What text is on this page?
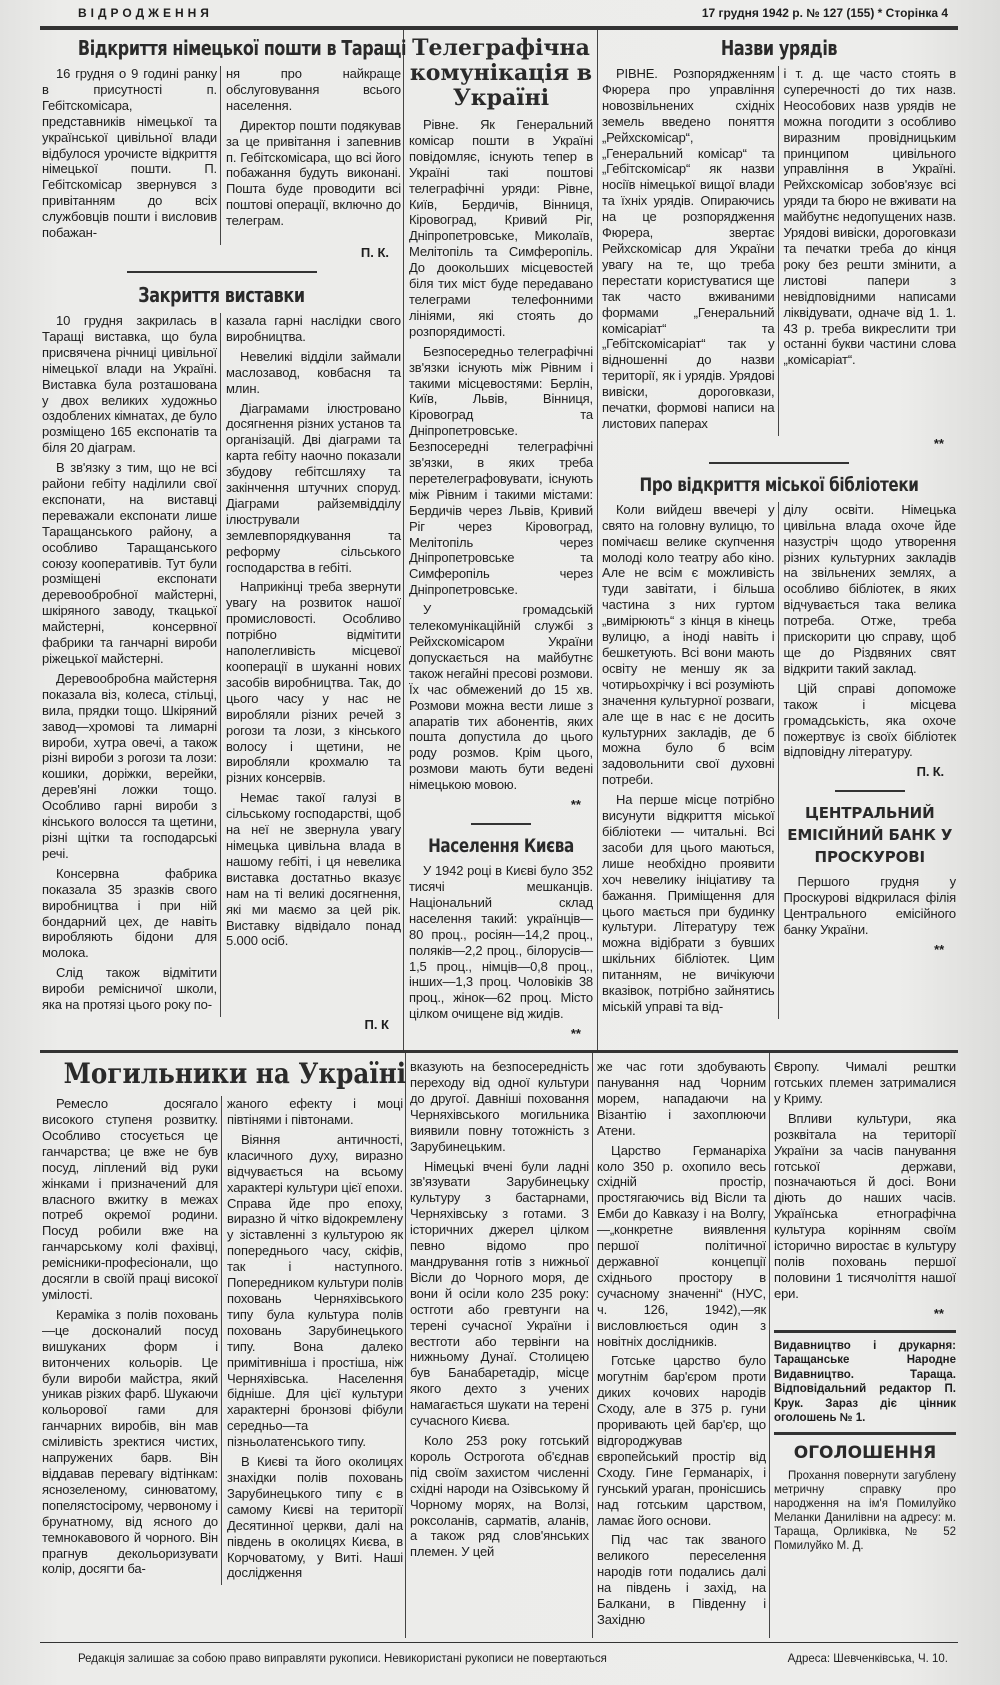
ВІДРОДЖЕННЯ	17 грудня 1942 р. № 127 (155) * Сторінка 4
Відкриття німецької пошти в Таращі

16 грудня о 9 годині ранку в присутності п. Гебітскомісара, представників німецької та української цивільної влади відбулося урочисте відкриття німецької пошти. П. Гебітскомісар звернувся з привітанням до всіх службовців пошти і висловив побажан-

ня про найкраще обслуговування всього населення.

Директор пошти подякував за це привітання і запевнив п. Гебітскомісара, що всі його побажання будуть виконані. Пошта буде проводити всі поштові операції, включно до телеграм.

П. К.
Закриття виставки

10 грудня закрилась в Таращі виставка, що була присвячена річниці цивільної німецької влади на Україні. Виставка була розташована у двох великих художньо оздоблених кімнатах, де було розміщено 165 експонатів та біля 20 діаграм.

В зв'язку з тим, що не всі райони гебіту наділили свої експонати, на виставці переважали експонати лише Таращанського району, а особливо Таращанського союзу кооперативів. Тут були розміщені експонати деревообробної майстерні, шкіряного заводу, ткацької майстерні, консервної фабрики та ганчарні вироби ріжецької майстерні.

Деревообробна майстерня показала віз, колеса, стільці, вила, прядки тощо. Шкіряний завод—хромові та лимарні вироби, хутра овечі, а також різні вироби з рогози та лози: кошики, доріжки, верейки, дерев'яні ложки тощо. Особливо гарні вироби з кінського волосся та щетини, різні щітки та господарські речі.

Консервна фабрика показала 35 зразків свого виробництва і при ній бондарний цех, де навіть виробляють бідони для молока.

Слід також відмітити вироби ремісничої школи, яка на протязі цього року по-

казала гарні наслідки свого виробництва.

Невеликі відділи займали маслозавод, ковбасня та млин.

Діаграмами ілюстровано досягнення різних установ та організацій. Дві діаграми та карта гебіту наочно показали збудову гебітсшляху та закінчення штучних споруд. Діаграми райземвідділу ілюстрували землевпорядкування та реформу сільського господарства в гебіті.

Наприкінці треба звернути увагу на розвиток нашої промисловості. Особливо потрібно відмітити наполегливість місцевої кооперації в шуканні нових засобів виробництва. Так, до цього часу у нас не виробляли різних речей з рогози та лози, з кінського волосу і щетини, не виробляли крохмалю та різних консервів.

Немає такої галузі в сільському господарстві, щоб на неї не звернула увагу німецька цивільна влада в нашому гебіті, і ця невелика виставка достатньо вказує нам на ті великі досягнення, які ми маємо за цей рік. Виставку відвідало понад 5.000 осіб.

П. К
Телеграфічна комунікація в Україні

Рівне. Як Генеральний комісар пошти в Україні повідомляє, існують тепер в Україні такі поштові телеграфічні уряди: Рівне, Київ, Бердичів, Вінниця, Кіровоград, Кривий Ріг, Дніпропетровське, Миколаїв, Мелітопіль та Симферопіль. До доокольших місцевостей біля тих міст буде передавано телеграми телефонними лініями, які стоять до розпорядимості.

Безпосередньо телеграфічні зв'язки існують між Рівним і такими місцевостями: Берлін, Київ, Львів, Вінниця, Кіровоград та Дніпропетровське. Безпосередні телеграфічні зв'язки, в яких треба перетелеграфовувати, існують між Рівним і такими містами: Бердичів через Львів, Кривий Ріг через Кіровоград, Мелітопіль через Дніпропетровське та Симферопіль через Дніпропетровське.

У громадській телекомунікаційній службі з Рейхскомісаром України допускається на майбутнє також негайні пресові розмови. Їх час обмежений до 15 хв. Розмови можна вести лише з апаратів тих абонентів, яких пошта допустила до цього роду розмов. Крім цього, розмови мають бути ведені німецькою мовою.

**
Населення Києва

У 1942 році в Києві було 352 тисячі мешканців. Національний склад населення такий: українців—80 проц., росіян—14,2 проц., поляків—2,2 проц., білорусів—1,5 проц., німців—0,8 проц., інших—1,3 проц. Чоловіків 38 проц., жінок—62 проц. Місто цілком очищене від жидів.

**
Назви урядів

РІВНЕ. Розпорядженням Фюрера про управління новозвільнених східніх земель введено поняття „Рейхскомісар“, „Генеральний комісар“ та „Гебітскомісар“ як назви носіїв німецької вищої влади та їхніх урядів. Опираючись на це розпорядження Фюрера, звертає Рейхскомісар для України увагу на те, що треба перестати користуватися ще так часто вживаними формами „Генеральний комісаріат“ та „Гебітскомісаріат“ так у відношенні до назви території, як і урядів. Урядові вивіски, дороговкази, печатки, формові написи на листових паперах

і т. д. ще часто стоять в суперечності до тих назв. Неособових назв урядів не можна погодити з особливо виразним провідницьким принципом цивільного управління в Україні. Рейхскомісар зобов'язує всі уряди та бюро не вживати на майбутнє недопущених назв. Урядові вивіски, дороговкази та печатки треба до кінця року без решти змінити, а листові папери з невідповідними написами ліквідувати, одначе від 1. 1. 43 р. треба викреслити три останні букви частини слова „комісаріат“.

**
Про відкриття міської бібліотеки

Коли вийдеш ввечері у свято на головну вулицю, то помічаєш велике скупчення молоді коло театру або кіно. Але не всім є можливість туди завітати, і більша частина з них гуртом „вимірюють“ з кінця в кінець вулицю, а іноді навіть і бешкетують. Всі вони мають освіту не меншу як за чотирьохрічку і всі розуміють значення культурної розваги, але ще в нас є не досить культурних закладів, де б можна було б всім задовольнити свої духовні потреби.

На перше місце потрібно висунути відкриття міської бібліотеки — читальні. Всі засоби для цього маються, лише необхідно проявити хоч невелику ініціативу та бажання. Приміщення для цього мається при будинку культури. Літературу теж можна відібрати з бувших шкільних бібліотек. Цим питанням, не вичікуючи вказівок, потрібно зайнятись міській управі та від-

ділу освіти. Німецька цивільна влада охоче йде назустріч щодо утворення різних культурних закладів на звільнених землях, а особливо бібліотек, в яких відчувається така велика потреба. Отже, треба прискорити цю справу, щоб ще до Різдвяних свят відкрити такий заклад.

Цій справі допоможе також і місцева громадськість, яка охоче пожертвує із своїх бібліотек відповідну літературу.

П. К.
ЦЕНТРАЛЬНИЙ ЕМІСІЙНИЙ БАНК У ПРОСКУРОВІ

Першого грудня у Проскурові відкрилася філія Центрального емісійного банку України.

**
Могильники на Україні

Ремесло досягало високого ступеня розвитку. Особливо стосується це ганчарства; це вже не був посуд, ліплений від руки жінками і призначений для власного вжитку в межах потреб окремої родини. Посуд робили вже на ганчарському колі фахівці, ремісники-професіонали, що досягли в своїй праці високої умілості.

Кераміка з полів поховань—це досконалий посуд вишуканих форм і витончених кольорів. Це були вироби майстра, який уникав різких фарб. Шукаючи кольорової гами для ганчарних виробів, він мав сміливість зректися чистих, напружених барв. Він віддавав перевагу відтінкам: яснозеленому, синюватому, попелястосірому, червоному і брунатному, від ясного до темнокавового й чорного. Він прагнув декольоризувати колір, досягти ба-

жаного ефекту і моці півтінями і півтонами.

Віяння античності, класичного духу, виразно відчувається на всьому характері культури цієї епохи. Справа йде про епоху, виразно й чітко відокремлену у зіставленні з культурою як попереднього часу, скіфів, так і наступного. Попередником культури полів поховань Черняхівського типу була культура полів поховань Зарубинецького типу. Вона далеко примітивніша і простіша, ніж Черняхівська. Населення бідніше. Для цієї культури характерні бронзові фібули середньо—та пізньолатенського типу.

В Києві та його околицях знахідки полів поховань Зарубинецького типу є в самому Києві на території Десятинної церкви, далі на південь в околицях Києва, в Корчоватому, у Виті. Наші дослідження

вказують на безпосередність переходу від одної культури до другої. Давніші поховання Черняхівського могильника виявили повну тотожність з Зарубинецьким.

Німецькі вчені були ладні зв'язувати Зарубинецьку культуру з бастарнами, Черняхівську з готами. З історичних джерел цілком певно відомо про мандрування готів з нижньої Вісли до Чорного моря, де вони й осіли коло 235 року: остготи або гревтунги на терені сучасної України і вестготи або тервінги на нижньому Дунаї. Столицею був Банабаретадір, місце якого дехто з учених намагається шукати на терені сучасного Києва.

Коло 253 року готський король Острогота об'єднав під своїм захистом численні східні народи на Озівському й Чорному морях, на Волзі, роксоланів, сарматів, аланів, а також ряд слов'янських племен. У цей

же час готи здобувають панування над Чорним морем, нападаючи на Візантію і захоплюючи Атени.

Царство Германаріха коло 350 р. охопило весь східній простір, простягаючись від Вісли та Емби до Кавказу і на Волгу,—„конкретне виявлення першої політичної державної концепції східнього простору в сучасному значенні“ (НУС, ч. 126, 1942),—як висловлюється один з новітніх дослідників.

Готське царство було могутнім бар'єром проти диких кочових народів Сходу, але в 375 р. гуни проривають цей бар'єр, що відгороджував європейський простір від Сходу. Гине Германаріх, і гунський ураган, пронісшись над готським царством, ламає його основи.

Під час так званого великого переселення народів готи подались далі на південь і захід, на Балкани, в Південну і Західню

Європу. Чималі рештки готських племен затрималися у Криму.

Впливи культури, яка розквітала на території України за часів панування готської держави, позначаються й досі. Вони діють до наших часів. Українська етнографічна культура корінням своїм історично виростає в культуру полів поховань першої половини 1 тисячоліття нашої ери.

**
Видавництво і друкарня: Таращанське Народне Видавництво. Тараща. Відповідальний редактор П. Крук. Зараз діє цінник оголошень № 1.
ОГОЛОШЕННЯ

Прохання повернути загублену метричну справку про народження на ім'я Помилуйко Меланки Данилівни на адресу: м. Тараща, Орликівка, № 52 Помилуйко М. Д.

Редакція залишає за собою право виправляти рукописи. Невикористані рукописи не повертаються	Адреса: Шевченківська, Ч. 10.
